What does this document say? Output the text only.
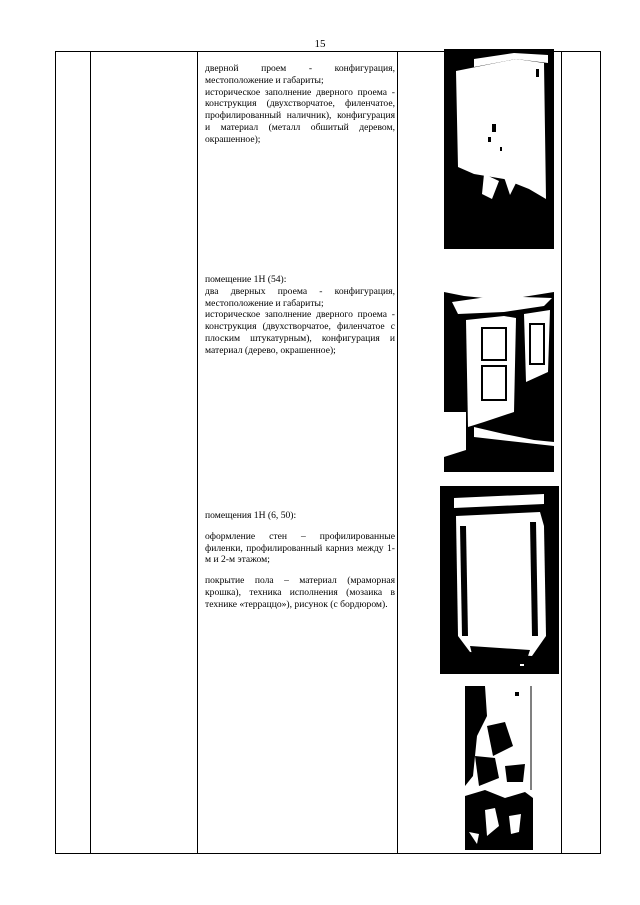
15
дверной проем - конфигурация, местоположение и габариты;
историческое заполнение дверного проема - конструкция (двухстворчатое, филенчатое, профилированный наличник), конфигурация и материал (металл обшитый деревом, окрашенное);
помещение 1Н (54):
два дверных проема - конфигурация, местоположение и габариты;
историческое заполнение дверного проема - конструкция (двухстворчатое, филенчатое с плоским штукатурным), конфигурация и материал (дерево, окрашенное);

помещения 1Н (6, 50):

оформление стен – профилированные филенки, профилированный карниз между 1-м и 2-м этажом;

покрытие пола – материал (мраморная крошка), техника исполнения (мозаика в технике «терраццо»), рисунок (с бордюром).
